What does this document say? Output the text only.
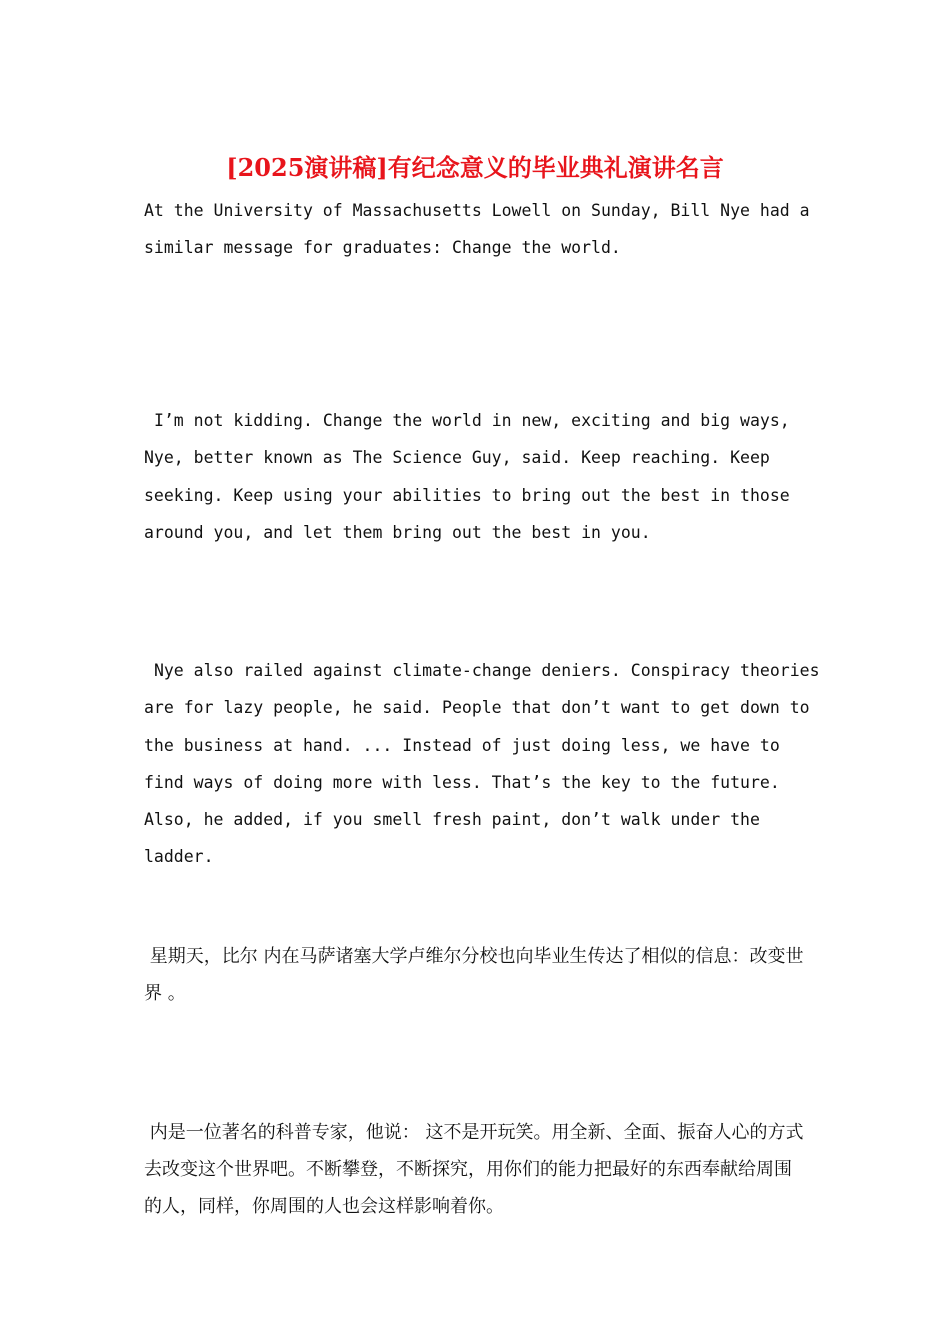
[2025演讲稿]有纪念意义的毕业典礼演讲名言

At the University of Massachusetts Lowell on Sunday, Bill Nye had a similar message for graduates: Change the world.

I’m not kidding. Change the world in new, exciting and big ways, Nye, better known as The Science Guy, said. Keep reaching. Keep seeking. Keep using your abilities to bring out the best in those around you, and let them bring out the best in you.

Nye also railed against climate-change deniers. Conspiracy theories are for lazy people, he said. People that don’t want to get down to the business at hand. ... Instead of just doing less, we have to find ways of doing more with less. That’s the key to the future. Also, he added, if you smell fresh paint, don’t walk under the ladder.

星期天，比尔 内在马萨诸塞大学卢维尔分校也向毕业生传达了相似的信息：改变世界 。

内是一位著名的科普专家，他说： 这不是开玩笑。用全新、全面、振奋人心的方式去改变这个世界吧。不断攀登，不断探究，用你们的能力把最好的东西奉献给周围的人，同样，你周围的人也会这样影响着你。
